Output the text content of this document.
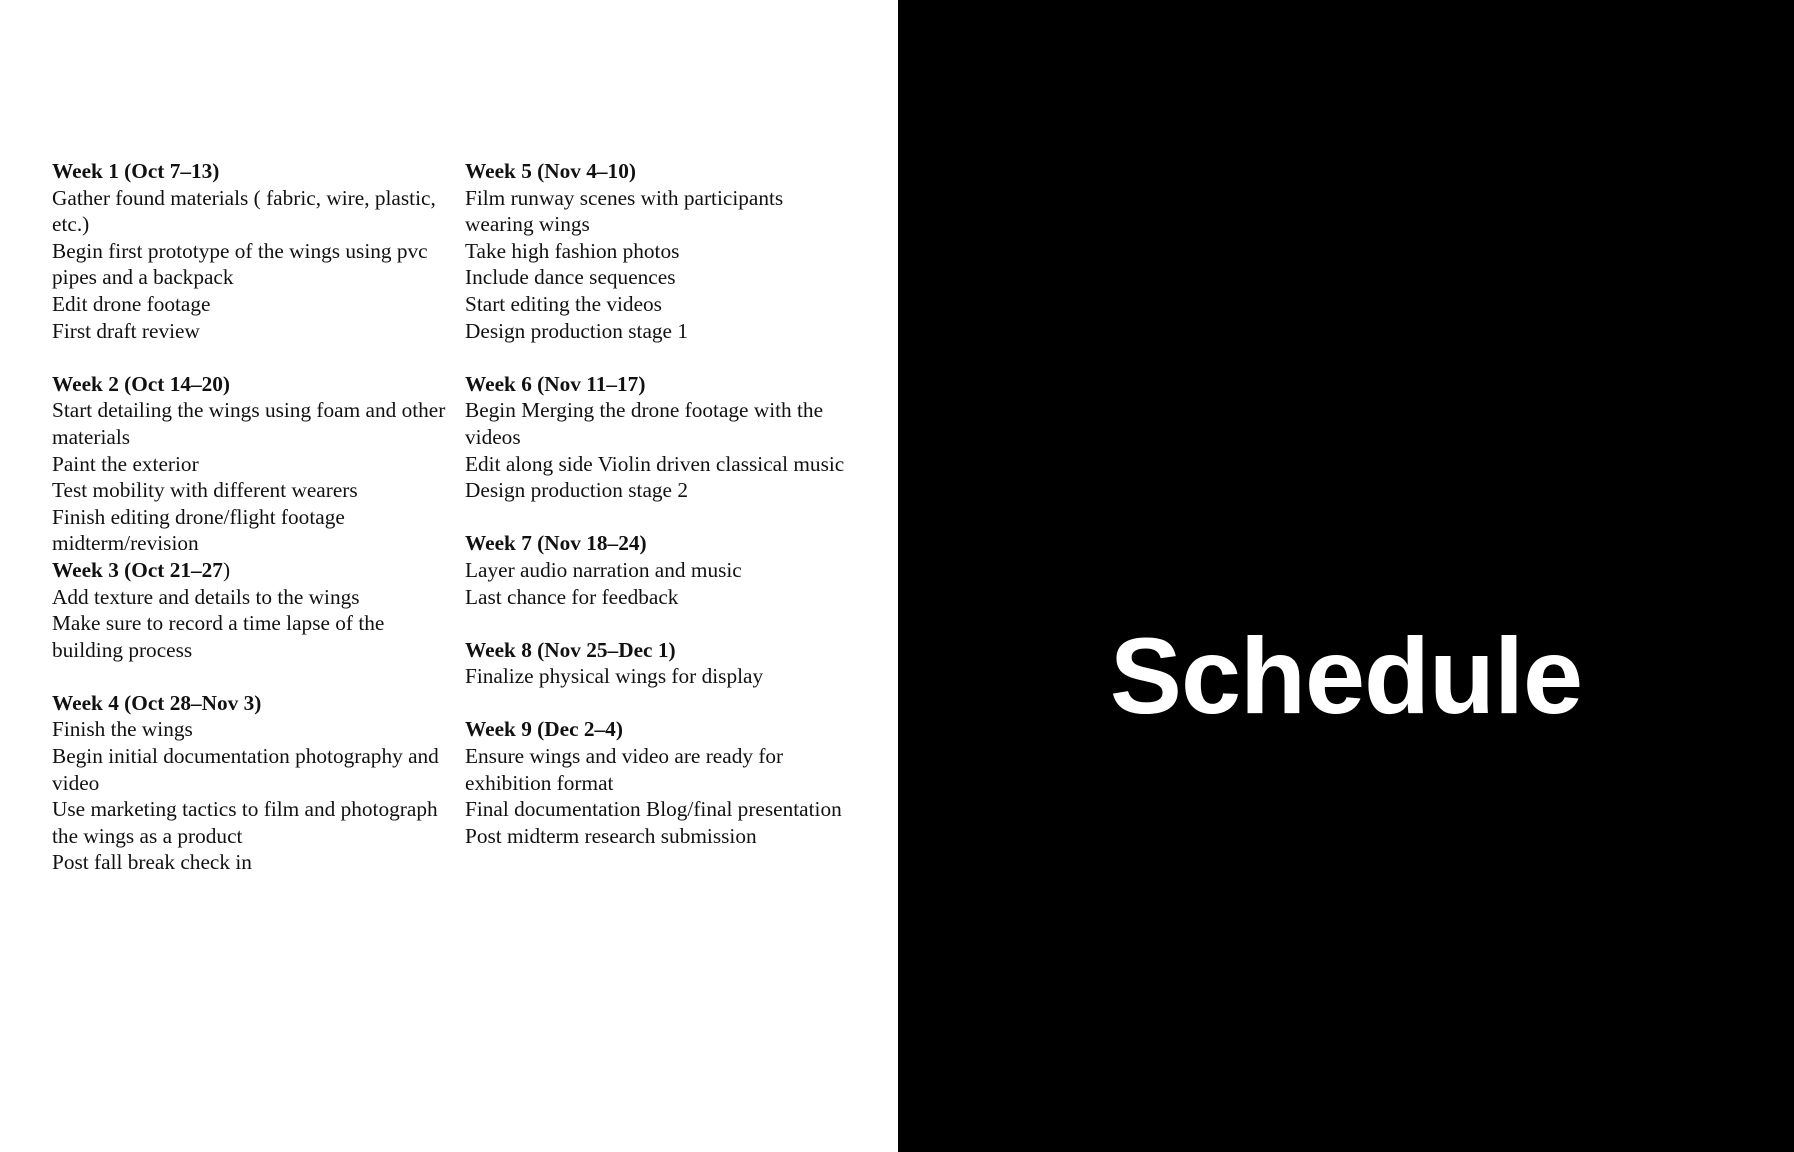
Week 1 (Oct 7–13)
Gather found materials ( fabric, wire, plastic, etc.)
Begin first prototype of the wings using pvc pipes and a backpack
Edit drone footage
First draft review
Week 2 (Oct 14–20)
Start detailing the wings using foam and other materials
Paint the exterior
Test mobility with different wearers
Finish editing drone/flight footage midterm/revision
Week 3 (Oct 21–27)
Add texture and details to the wings
Make sure to record a time lapse of the building process
Week 4 (Oct 28–Nov 3)
Finish the wings
Begin initial documentation photography and video
Use marketing tactics to film and photograph the wings as a product
Post fall break check in
Week 5 (Nov 4–10)
Film runway scenes with participants wearing wings
Take high fashion photos
Include dance sequences
Start editing the videos
Design production stage 1
Week 6 (Nov 11–17)
Begin Merging the drone footage with the videos
Edit along side Violin driven classical music
Design production stage 2
Week 7 (Nov 18–24)
Layer audio narration and music
Last chance for feedback
Week 8 (Nov 25–Dec 1)
Finalize physical wings for display
Week 9 (Dec 2–4)
Ensure wings and video are ready for exhibition format
Final documentation Blog/final presentation
Post midterm research submission
Schedule
